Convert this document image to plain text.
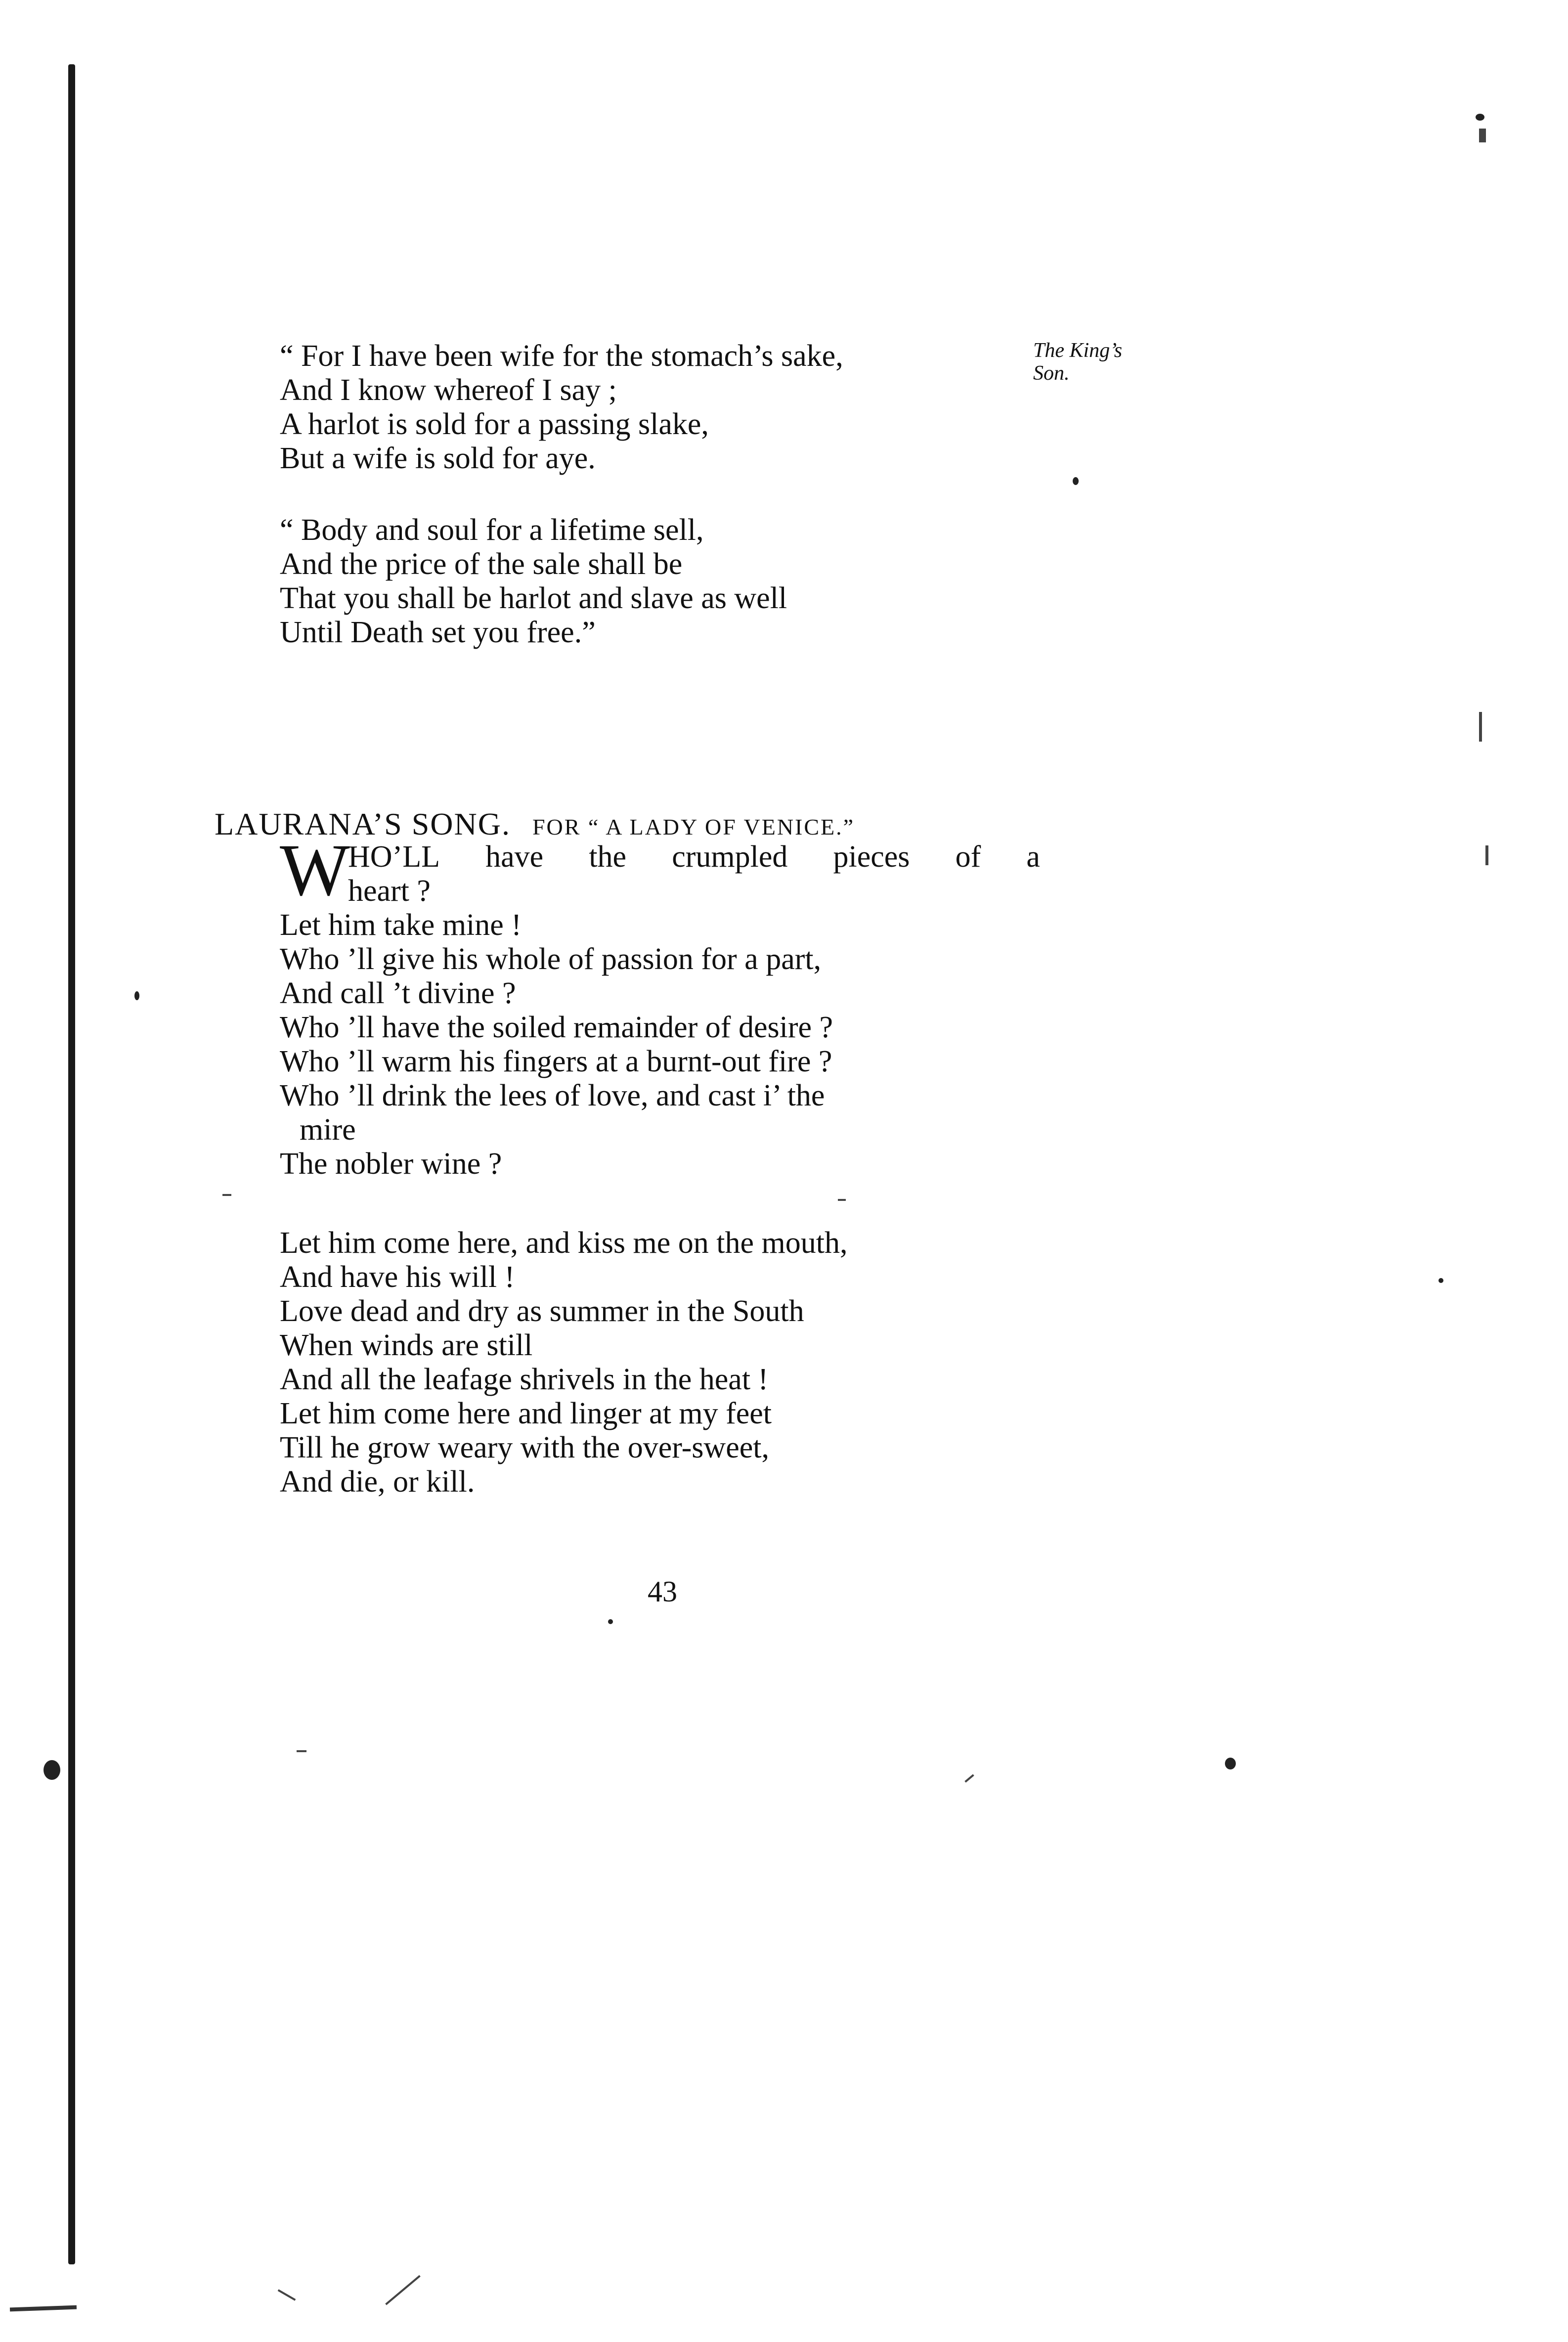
“ For I have been wife for the stomach’s sake,
And I know whereof I say ;
A harlot is sold for a passing slake,
But a wife is sold for aye.
The King’s
Son.
“ Body and soul for a lifetime sell,
And the price of the sale shall be
That you shall be harlot and slave as well
Until Death set you free.”
LAURANA’S SONG. FOR “ A LADY OF VENICE.”
W
HO’LL have the crumpled pieces of a
heart ?
Let him take mine !
Who ’ll give his whole of passion for a part,
And call ’t divine ?
Who ’ll have the soiled remainder of desire ?
Who ’ll warm his fingers at a burnt-out fire ?
Who ’ll drink the lees of love, and cast i’ the
mire
The nobler wine ?
Let him come here, and kiss me on the mouth,
And have his will !
Love dead and dry as summer in the South
When winds are still
And all the leafage shrivels in the heat !
Let him come here and linger at my feet
Till he grow weary with the over-sweet,
And die, or kill.
43
